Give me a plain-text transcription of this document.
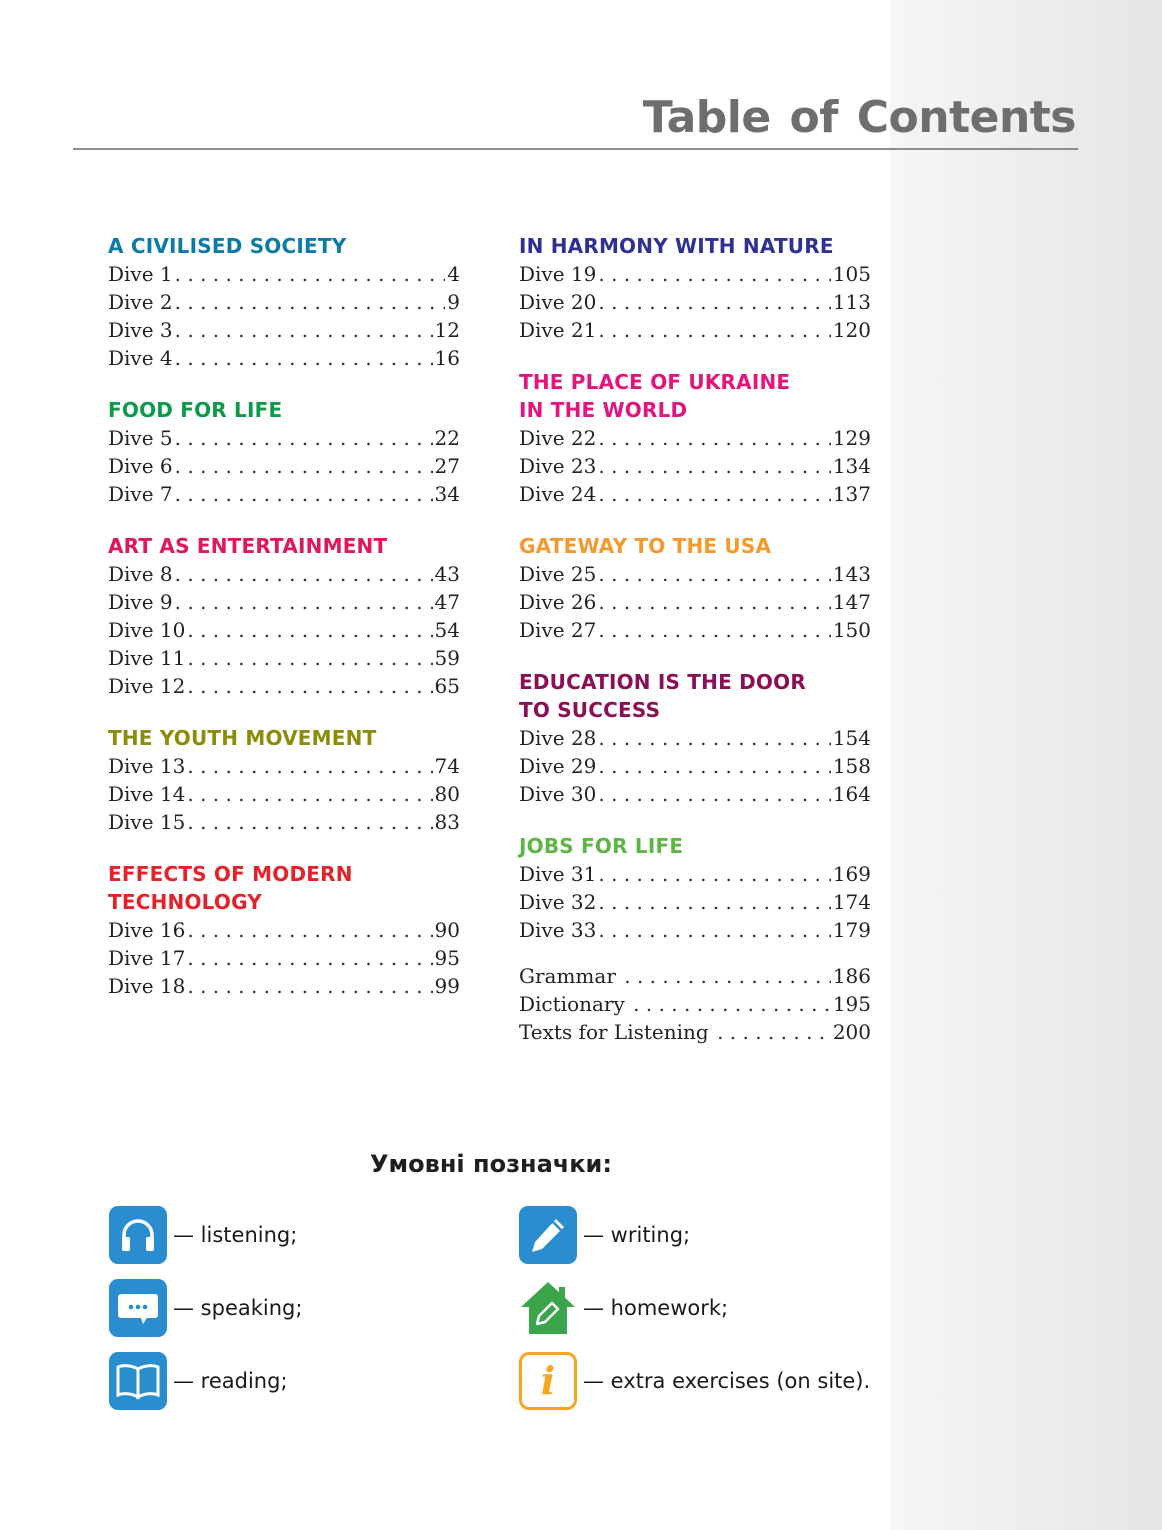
Table of Contents
A CIVILISED SOCIETY
Dive 1 . . .	4
Dive 2 . . .	9
Dive 3 . . .	12
Dive 4 . . .	16
FOOD FOR LIFE
Dive 5 . . .	22
Dive 6 . . .	27
Dive 7 . . .	34
ART AS ENTERTAINMENT
Dive 8 . . .	43
Dive 9 . . .	47
Dive 10 . . .	54
Dive 11 . . .	59
Dive 12 . . .	65
THE YOUTH MOVEMENT
Dive 13 . . .	74
Dive 14 . . .	80
Dive 15 . . .	83
EFFECTS OF MODERN
TECHNOLOGY
Dive 16 . . .	90
Dive 17 . . .	95
Dive 18 . . .	99
IN HARMONY WITH NATURE
Dive 19 . . .	105
Dive 20 . . .	113
Dive 21 . . .	120
THE PLACE OF UKRAINE
IN THE WORLD
Dive 22 . . .	129
Dive 23 . . .	134
Dive 24 . . .	137
GATEWAY TO THE USA
Dive 25 . . .	143
Dive 26 . . .	147
Dive 27 . . .	150
EDUCATION IS THE DOOR
TO SUCCESS
Dive 28 . . .	154
Dive 29 . . .	158
Dive 30 . . .	164
JOBS FOR LIFE
Dive 31 . . .	169
Dive 32 . . .	174
Dive 33 . . .	179
Grammar . . .	186
Dictionary . . .	195
Texts for Listening . . .	200
Умовні позначки:
— listening;
— speaking;
— reading;
— writing;
— homework;
i — extra exercises (on site).
